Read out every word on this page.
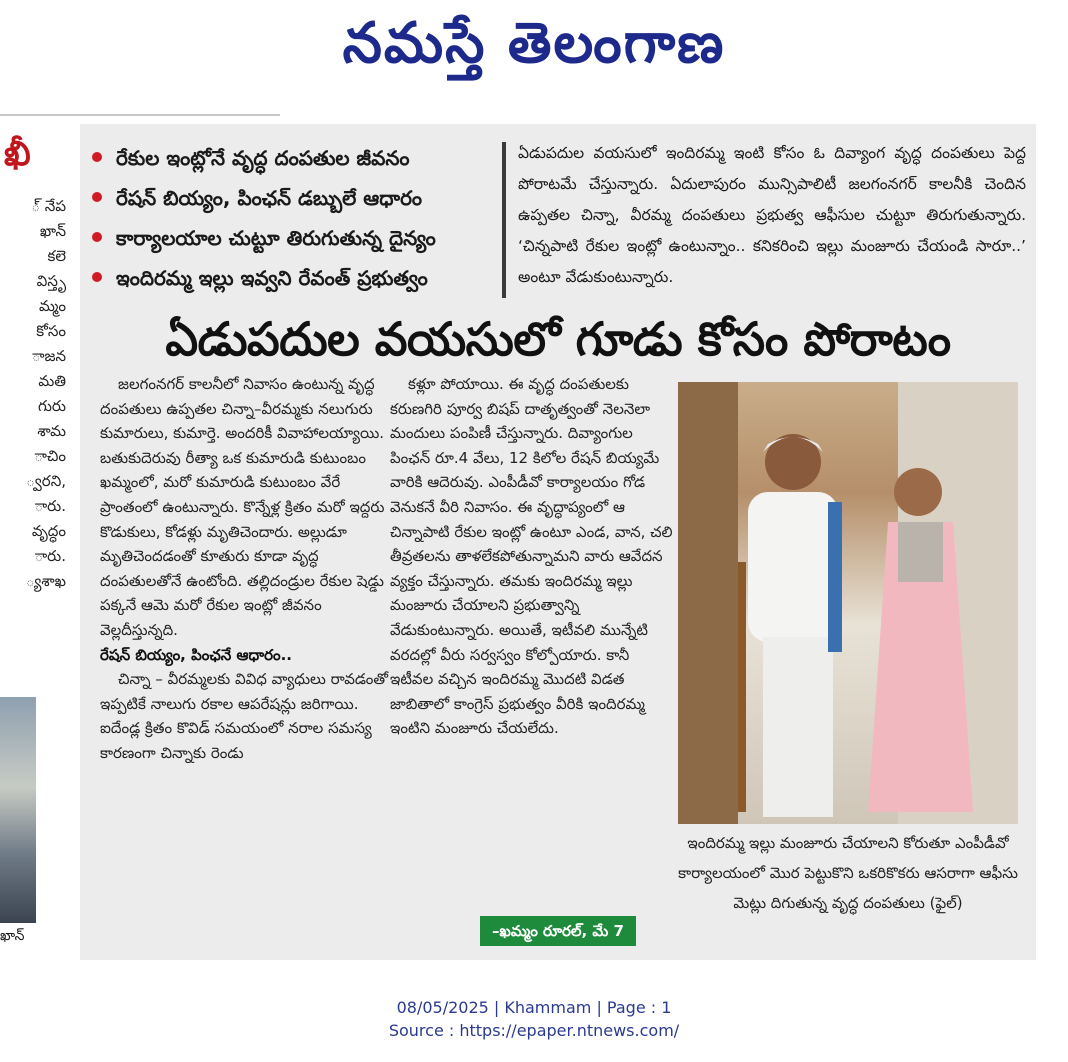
నమస్తే తెలంగాణ
ఖీ
్ నేప
ఖాన్
కలె
విస్తృ
మ్మం
కోసం
ాజన
మతి
గురు
శామ
ాచిం
్వరని,
ారు.
వృద్ధం
ారు.
్యశాఖ
ఖాన్
రేకుల ఇంట్లోనే వృద్ధ దంపతుల జీవనం
రేషన్ బియ్యం, పింఛన్ డబ్బులే ఆధారం
కార్యాలయాల చుట్టూ తిరుగుతున్న దైన్యం
ఇందిరమ్మ ఇల్లు ఇవ్వని రేవంత్ ప్రభుత్వం
ఏడుపదుల వయసులో ఇందిరమ్మ ఇంటి కోసం ఓ దివ్యాంగ వృద్ధ దంపతులు పెద్ద పోరాటమే చేస్తున్నారు. ఏదులాపురం మున్సిపాలిటీ జలగంనగర్ కాలనీకి చెందిన ఉప్పతల చిన్నా, వీరమ్మ దంపతులు ప్రభుత్వ ఆఫీసుల చుట్టూ తిరుగుతున్నారు. ‘చిన్నపాటి రేకుల ఇంట్లో ఉంటున్నాం.. కనికరించి ఇల్లు మంజూరు చేయండి సారూ..’ అంటూ వేడుకుంటున్నారు.
ఏడుపదుల వయసులో గూడు కోసం పోరాటం

జలగంనగర్ కాలనీలో నివాసం ఉంటున్న వృద్ధ దంపతులు ఉప్పతల చిన్నా–వీరమ్మకు నలుగురు కుమారులు, కుమార్తె. అందరికీ వివాహాలయ్యాయి. బతుకుదెరువు రీత్యా ఒక కుమారుడి కుటుంబం ఖమ్మంలో, మరో కుమారుడి కుటుంబం వేరే ప్రాంతంలో ఉంటున్నారు. కొన్నేళ్ల క్రితం మరో ఇద్దరు కొడుకులు, కోడళ్లు మృతిచెందారు. అల్లుడూ మృతిచెందడంతో కూతురు కూడా వృద్ధ దంపతులతోనే ఉంటోంది. తల్లిదండ్రుల రేకుల షెడ్డు పక్కనే ఆమె మరో రేకుల ఇంట్లో జీవనం వెల్లదీస్తున్నది.

రేషన్ బియ్యం, పింఛనే ఆధారం..

చిన్నా – వీరమ్మలకు వివిధ వ్యాధులు రావడంతో ఇప్పటికే నాలుగు రకాల ఆపరేషన్లు జరిగాయి. ఐదేండ్ల క్రితం కొవిడ్ సమయంలో నరాల సమస్య కారణంగా చిన్నాకు రెండు

కళ్లూ పోయాయి. ఈ వృద్ధ దంపతులకు కరుణగిరి పూర్వ బిషప్ దాతృత్వంతో నెలనెలా మందులు పంపిణీ చేస్తున్నారు. దివ్యాంగుల పింఛన్ రూ.4 వేలు, 12 కిలోల రేషన్ బియ్యమే వారికి ఆదెరువు. ఎంపీడీవో కార్యాలయం గోడ వెనుకనే వీరి నివాసం. ఈ వృద్ధాప్యంలో ఆ చిన్నాపాటి రేకుల ఇంట్లో ఉంటూ ఎండ, వాన, చలి తీవ్రతలను తాళలేకపోతున్నామని వారు ఆవేదన వ్యక్తం చేస్తున్నారు. తమకు ఇందిరమ్మ ఇల్లు మంజూరు చేయాలని ప్రభుత్వాన్ని వేడుకుంటున్నారు. అయితే, ఇటీవలి మున్నేటి వరదల్లో వీరు సర్వస్వం కోల్పోయారు. కానీ ఇటీవల వచ్చిన ఇందిరమ్మ మొదటి విడత జాబితాలో కాంగ్రెస్ ప్రభుత్వం వీరికి ఇందిరమ్మ ఇంటిని మంజూరు చేయలేదు.

–ఖమ్మం రూరల్, మే 7
ఇందిరమ్మ ఇల్లు మంజూరు చేయాలని కోరుతూ ఎంపీడీవో కార్యాలయంలో మొర పెట్టుకొని ఒకరికొకరు ఆసరాగా ఆఫీసు మెట్లు దిగుతున్న వృద్ధ దంపతులు (ఫైల్)
08/05/2025 | Khammam | Page : 1
Source : https://epaper.ntnews.com/
